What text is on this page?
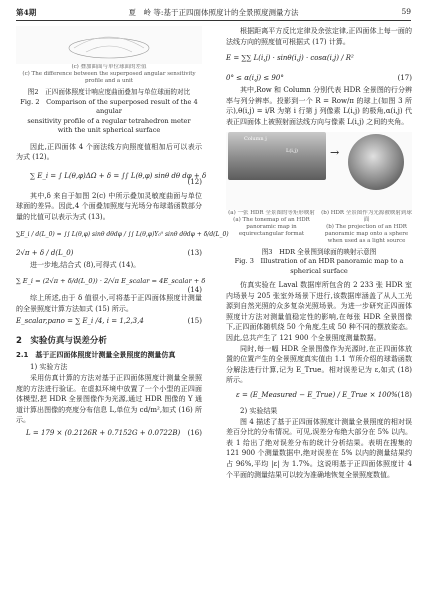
第4期	夏　岭 等:基于正四面体照度计的全景照度测量方法	59
(c) 叠加曲面与单位球面的差值
(c) The difference between the superposed angular sensitivity
profile and a unit
图2　正四面体照度计响应度曲面叠加与单位球面的对比
Fig. 2　Comparison of the superposed result of the 4 angular
sensitivity profile of a regular tetrahedron meter
with the unit spherical surface

因此,正四面体 4 个面法线方向照度值相加后可以表示为式 (12)。

∑ E_i = ∫ L(θ,φ)ΔΩ + δ = ∫∫ L(θ,φ) sinθ dθ dφ + δ
(12)

其中,δ 来自于如图 2(c) 中所示叠加灵敏度曲面与单位球面的差异。因此,4 个面叠加照度与光场分布球谐函数部分量的比值可以表示为式 (13)。

∑E_i / d(L_0) = ∫∫ L(θ,φ) sinθ dθdφ / ∫∫ L(θ,φ)Y₀⁰ sinθ dθdφ + δ/d(L_0)
2√π + δ / d(L_0)	(13)

进一步地,结合式 (8),可得式 (14)。

∑ E_i = (2√π + δ/d(L_0)) · 2/√π E_scalar = 4E_scalar + δ
(14)

综上所述,由于 δ 值很小,可将基于正四面体照度计测量的全景照度计算方法如式 (15) 所示。

E_scalar,pano = ∑ E_i /4, i = 1,2,3,4	(15)
2　实验仿真与误差分析
2.1　基于正四面体照度计测量全景照度的测量仿真

1) 实验方法

采用仿真计算的方法对基于正四面体照度计测量全景照度的方法进行验证。在虚拟环境中放置了一个小型的正四面体模型,把 HDR 全景图像作为光源,通过 HDR 图像的 Y 通道计算出图像的亮度分布信息 L,单位为 cd/m²,如式 (16) 所示。

L = 179 × (0.2126R + 0.7152G + 0.0722B) (16)

根据距离平方反比定律及余弦定律,正四面体上每一面的法线方向的照度值可根据式 (17) 计算。

E = ∑∑ L(i,j) · sinθ(i,j) · cosα(i,j) / R²
0° ≤ α(i,j) ≤ 90°	(17)

其中,Row 和 Column 分别代表 HDR 全景图的行分辨率与列分辨率。投影到一个 R = Row/π 的球上(如图 3 所示),θ(i,j) = i/R 为第 i 行第 j 列像素 L(i,j) 的极角,α(i,j) 代表正四面体上被照射面法线方向与像素 L(i,j) 之间的夹角。

Column j
L(i,j)	→
(a) 一张 HDR 全景图的等矩形映射
(a) The tonemap of an HDR panoramic map in equirectangular format
(b) HDR 全景图作为光源被映射到球面
(b) The projection of an HDR panoramic map onto a sphere when used as a light source
图3　HDR 全景图到球面的映射示意图
Fig. 3　Illustration of an HDR panoramic map to a
spherical surface

仿真实验在 Laval 数据库所包含的 2 233 张 HDR 室内场景与 205 张室外场景下进行,该数据库涵盖了从人工光源到自然光照的众多复杂光照场景。为进一步研究正四面体照度计方法对测量值稳定性的影响,在每张 HDR 全景图像下,正四面体随机绕 50 个角度,生成 50 种不同的摆放姿态。因此,总共产生了 121 900 个全景照度测量数据。

同时,每一幅 HDR 全景图像作为光源时,在正四面体放置的位置产生的全景照度真实值由 1.1 节所介绍的球谐函数分解法进行计算,记为 E_True。相对误差记为 ε,如式 (18) 所示。

ε = (E_Measured − E_True) / E_True × 100% (18)

2) 实验结果

图 4 描述了基于正四面体照度计测量全景照度的相对误差百分比的分布情况。可见,误差分布绝大部分在 5% 以内。表 1 给出了绝对误差分布的统计分析结果。表明在搜集的 121 900 个测量数据中,绝对误差在 5% 以内的测量结果约占 96%,平均 |ε| 为 1.7%。这说明基于正四面体照度计 4 个平面的测量结果可以较为准确地恢复全景照度数值。
